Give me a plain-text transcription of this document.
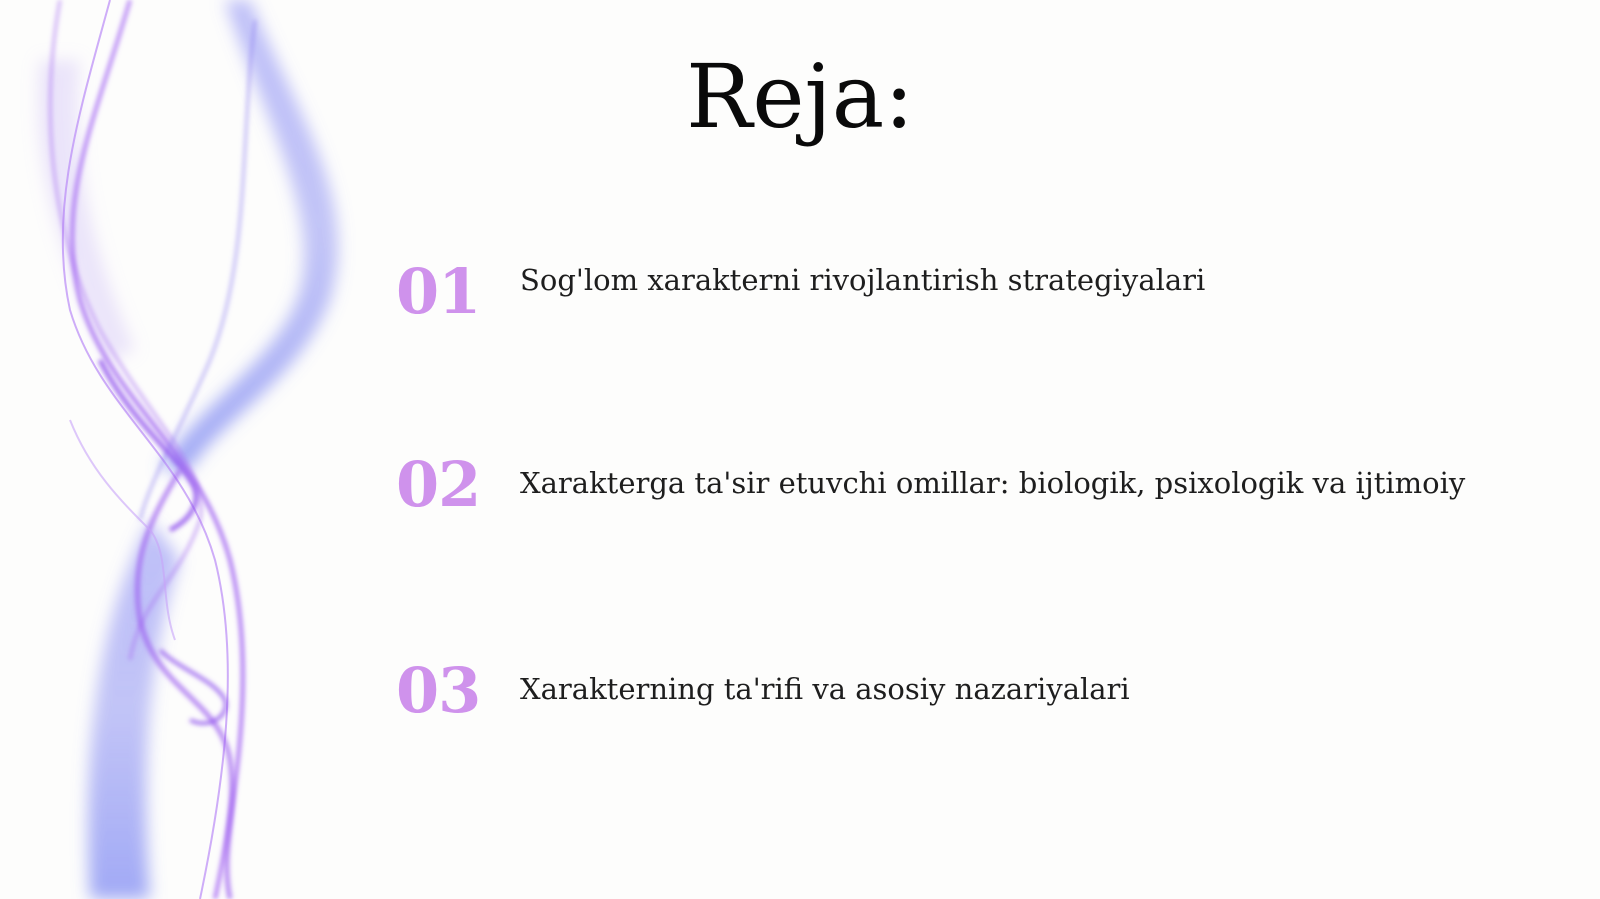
Reja:
01 Sog'lom xarakterni rivojlantirish strategiyalari
02 Xarakterga ta'sir etuvchi omillar: biologik, psixologik va ijtimoiy
03 Xarakterning ta'rifi va asosiy nazariyalari
